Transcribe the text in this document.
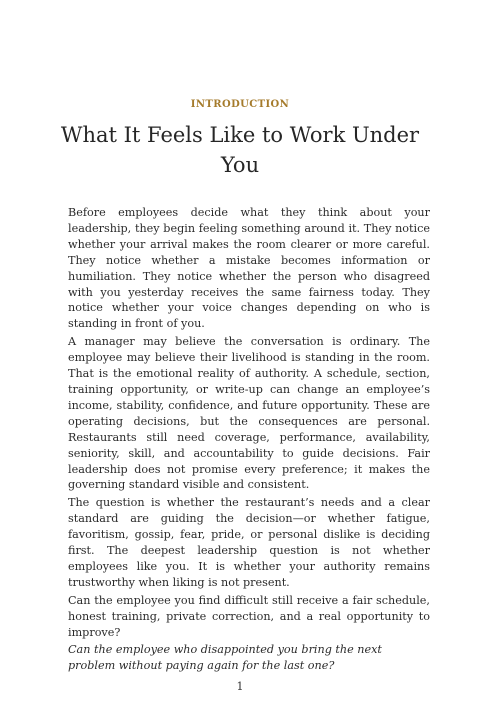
INTRODUCTION
What It Feels Like to Work Under You

Before employees decide what they think about your leadership, they begin feeling something around it. They notice whether your arrival makes the room clearer or more careful. They notice whether a mistake becomes information or humiliation. They notice whether the person who disagreed with you yesterday receives the same fairness today. They notice whether your voice changes depending on who is standing in front of you.

A manager may believe the conversation is ordinary. The employee may believe their livelihood is standing in the room. That is the emotional reality of authority. A schedule, section, training opportunity, or write-up can change an employee’s income, stability, confidence, and future opportunity. These are operating decisions, but the consequences are personal. Restaurants still need coverage, performance, availability, seniority, skill, and accountability to guide decisions. Fair leadership does not promise every preference; it makes the governing standard visible and consistent.

The question is whether the restaurant’s needs and a clear standard are guiding the decision—or whether fatigue, favoritism, gossip, fear, pride, or personal dislike is deciding first. The deepest leadership question is not whether employees like you. It is whether your authority remains trustworthy when liking is not present.

Can the employee you find difficult still receive a fair schedule, honest training, private correction, and a real opportunity to improve?

Can the employee who disappointed you bring the next problem without paying again for the last one?

1
